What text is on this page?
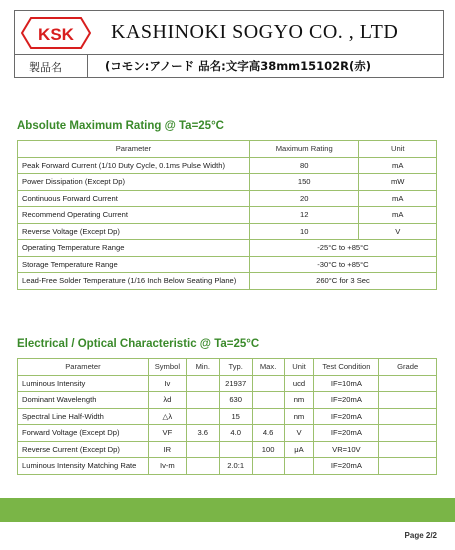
KSK KASHINOKI SOGYO CO. , LTD
製品名	(コモン:アノード 品名:文字高38mm15102R(赤)
Absolute Maximum Rating @ Ta=25°C
Parameter	Maximum Rating	Unit
Peak Forward Current (1/10 Duty Cycle, 0.1ms Pulse Width)	80	mA
Power Dissipation (Except Dp)	150	mW
Continuous Forward Current	20	mA
Recommend Operating Current	12	mA
Reverse Voltage (Except Dp)	10	V
Operating Temperature Range	-25°C to +85°C	
Storage Temperature Range	-30°C to +85°C	
Lead-Free Solder Temperature (1/16 Inch Below Seating Plane)	260°C for 3 Sec	
Electrical / Optical Characteristic @ Ta=25°C
Parameter	Symbol	Min.	Typ.	Max.	Unit	Test Condition	Grade
Luminous Intensity	Iv		21937		ucd	IF=10mA	
Dominant Wavelength	λd		630		nm	IF=20mA	
Spectral Line Half-Width	△λ		15		nm	IF=20mA	
Forward Voltage (Except Dp)	VF	3.6	4.0	4.6	V	IF=20mA	
Reverse Current (Except Dp)	IR			100	μA	VR=10V	
Luminous Intensity Matching Rate	Iv-m		2.0:1			IF=20mA	
Page 2/2
